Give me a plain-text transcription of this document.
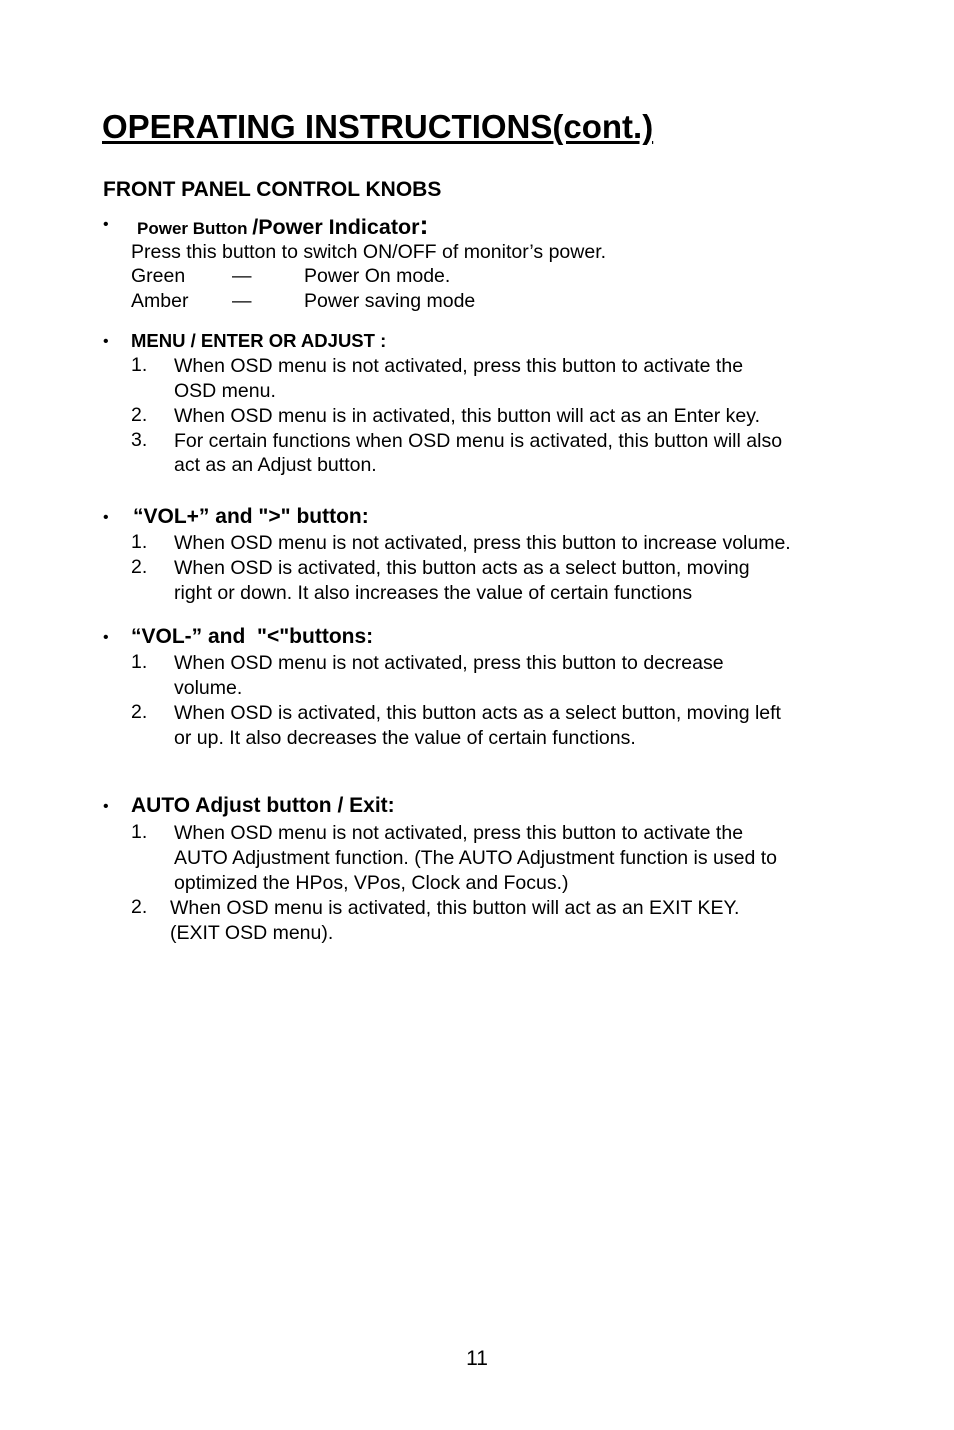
OPERATING INSTRUCTIONS(cont.)
FRONT PANEL CONTROL KNOBS
• Power Button /Power Indicator:
Press this button to switch ON/OFF of monitor’s power.
Green —	Power On mode.
Amber —	Power saving mode
• MENU / ENTER OR ADJUST :
1. When OSD menu is not activated, press this button to activate the
OSD menu.
2. When OSD menu is in activated, this button will act as an Enter key.
3. For certain functions when OSD menu is activated, this button will also
act as an Adjust button.
• “VOL+” and ">" button:
1. When OSD menu is not activated, press this button to increase volume.
2. When OSD is activated, this button acts as a select button, moving
right or down. It also increases the value of certain functions
• “VOL-” and  "<"buttons:
1. When OSD menu is not activated, press this button to decrease
volume.
2. When OSD is activated, this button acts as a select button, moving left
or up. It also decreases the value of certain functions.
• AUTO Adjust button / Exit:
1. When OSD menu is not activated, press this button to activate the
AUTO Adjustment function. (The AUTO Adjustment function is used to
optimized the HPos, VPos, Clock and Focus.)
2. When OSD menu is activated, this button will act as an EXIT KEY.
(EXIT OSD menu).
11
